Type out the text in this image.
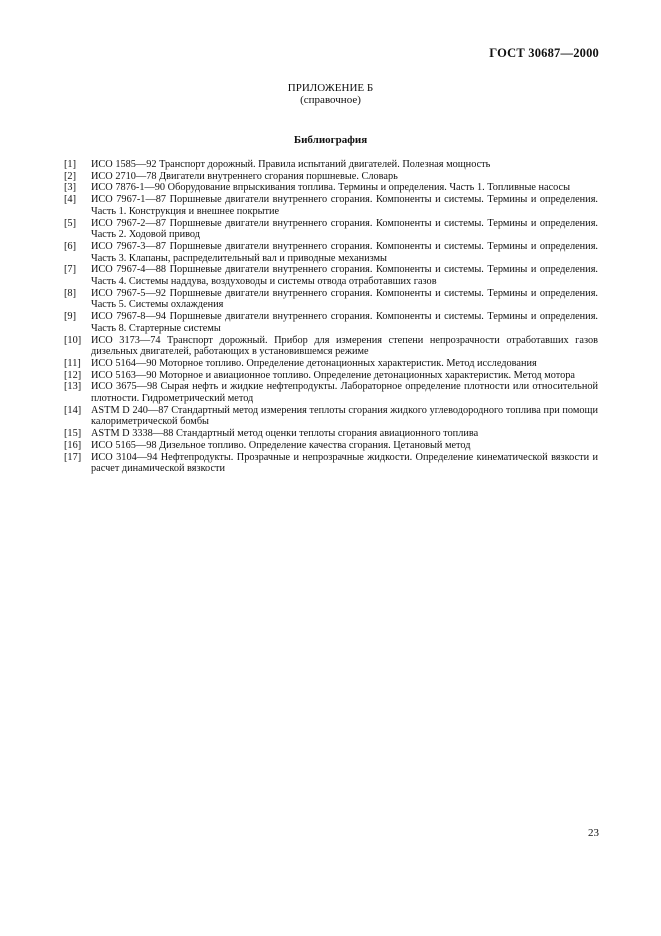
ГОСТ 30687—2000
ПРИЛОЖЕНИЕ Б
(справочное)
Библиография
[1]	ИСО 1585—92 Транспорт дорожный. Правила испытаний двигателей. Полезная мощность
[2]	ИСО 2710—78 Двигатели внутреннего сгорания поршневые. Словарь
[3]	ИСО 7876-1—90 Оборудование впрыскивания топлива. Термины и определения. Часть 1. Топливные насосы
[4]	ИСО 7967-1—87 Поршневые двигатели внутреннего сгорания. Компоненты и системы. Термины и определения. Часть 1. Конструкция и внешнее покрытие
[5]	ИСО 7967-2—87 Поршневые двигатели внутреннего сгорания. Компоненты и системы. Термины и определения. Часть 2. Ходовой привод
[6]	ИСО 7967-3—87 Поршневые двигатели внутреннего сгорания. Компоненты и системы. Термины и определения. Часть 3. Клапаны, распределительный вал и приводные механизмы
[7]	ИСО 7967-4—88 Поршневые двигатели внутреннего сгорания. Компоненты и системы. Термины и определения. Часть 4. Системы наддува, воздуховоды и системы отвода отработавших газов
[8]	ИСО 7967-5—92 Поршневые двигатели внутреннего сгорания. Компоненты и системы. Термины и определения. Часть 5. Системы охлаждения
[9]	ИСО 7967-8—94 Поршневые двигатели внутреннего сгорания. Компоненты и системы. Термины и определения. Часть 8. Стартерные системы
[10] ИСО 3173—74 Транспорт дорожный. Прибор для измерения степени непрозрачности отработавших газов дизельных двигателей, работающих в установившемся режиме
[11] ИСО 5164—90 Моторное топливо. Определение детонационных характеристик. Метод исследования
[12] ИСО 5163—90 Моторное и авиационное топливо. Определение детонационных характеристик. Метод мотора
[13] ИСО 3675—98 Сырая нефть и жидкие нефтепродукты. Лабораторное определение плотности или относительной плотности. Гидрометрический метод
[14] ASTM D 240—87 Стандартный метод измерения теплоты сгорания жидкого углеводородного топлива при помощи калориметрической бомбы
[15] ASTM D 3338—88 Стандартный метод оценки теплоты сгорания авиационного топлива
[16] ИСО 5165—98 Дизельное топливо. Определение качества сгорания. Цетановый метод
[17] ИСО 3104—94 Нефтепродукты. Прозрачные и непрозрачные жидкости. Определение кинематической вязкости и расчет динамической вязкости
23
